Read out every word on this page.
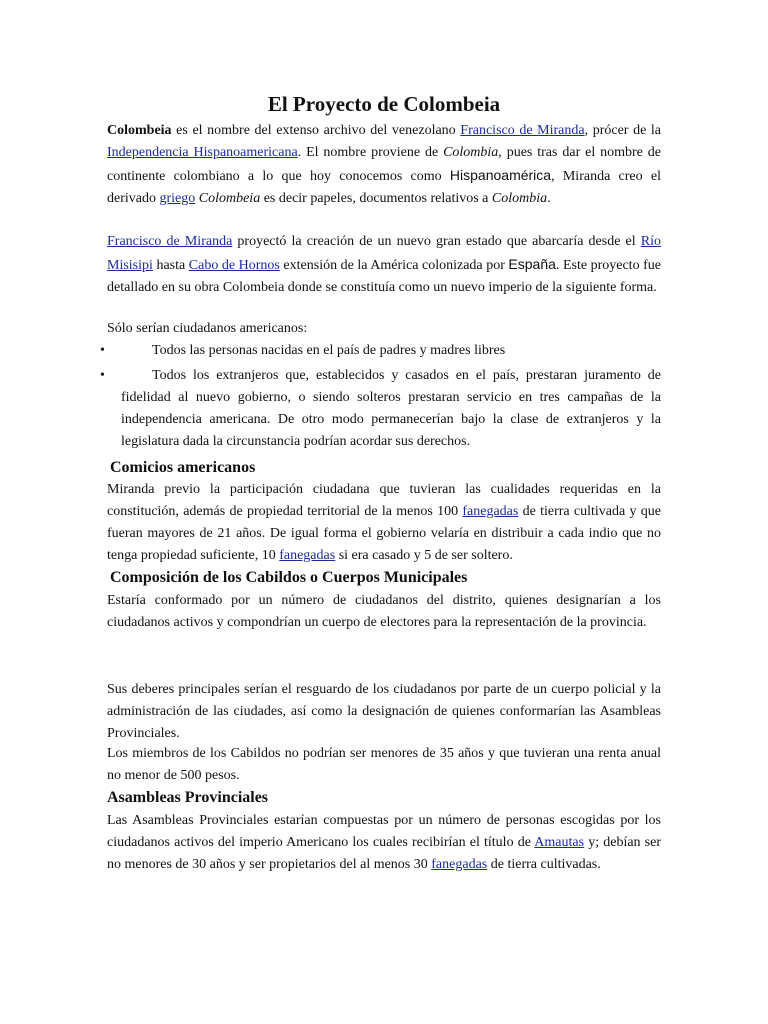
El Proyecto de Colombeia

Colombeia es el nombre del extenso archivo del venezolano Francisco de Miranda, prócer de la Independencia Hispanoamericana. El nombre proviene de Colombia, pues tras dar el nombre de continente colombiano a lo que hoy conocemos como Hispanoamérica, Miranda creo el derivado griego Colombeia es decir papeles, documentos relativos a Colombia.

Francisco de Miranda proyectó la creación de un nuevo gran estado que abarcaría desde el Río Misisipi hasta Cabo de Hornos extensión de la América colonizada por España. Este proyecto fue detallado en su obra Colombeia donde se constituía como un nuevo imperio de la siguiente forma.

Sólo serían ciudadanos americanos:

•	Todos las personas nacidas en el país de padres y madres libres

•	Todos los extranjeros que, establecidos y casados en el país, prestaran juramento de fidelidad al nuevo gobierno, o siendo solteros prestaran servicio en tres campañas de la independencia americana. De otro modo permanecerían bajo la clase de extranjeros y la legislatura dada la circunstancia podrían acordar sus derechos.

Comicios americanos

Miranda previo la participación ciudadana que tuvieran las cualidades requeridas en la constitución, además de propiedad territorial de la menos 100 fanegadas de tierra cultivada y que fueran mayores de 21 años. De igual forma el gobierno velaría en distribuir a cada indio que no tenga propiedad suficiente, 10 fanegadas si era casado y 5 de ser soltero.

Composición de los Cabildos o Cuerpos Municipales

Estaría conformado por un número de ciudadanos del distrito, quienes designarían a los ciudadanos activos y compondrían un cuerpo de electores para la representación de la provincia.

Sus deberes principales serían el resguardo de los ciudadanos por parte de un cuerpo policial y la administración de las ciudades, así como la designación de quienes conformarían las Asambleas Provinciales.

Los miembros de los Cabildos no podrían ser menores de 35 años y que tuvieran una renta anual no menor de 500 pesos.

Asambleas Provinciales

Las Asambleas Provinciales estarían compuestas por un número de personas escogidas por los ciudadanos activos del imperio Americano los cuales recibirían el título de Amautas y; debían ser no menores de 30 años y ser propietarios del al menos 30 fanegadas de tierra cultivadas.
